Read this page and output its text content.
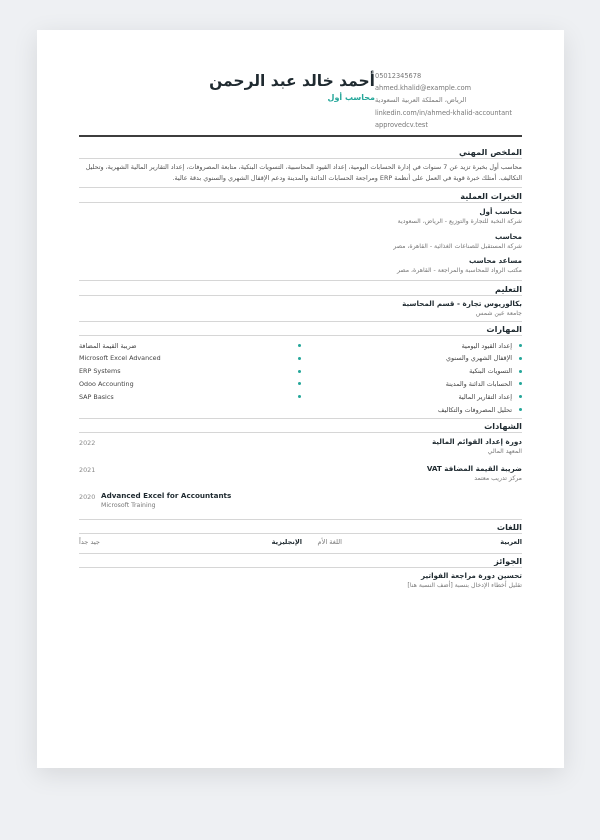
أحمد خالد عبد الرحمن
محاسب أول
05012345678
ahmed.khalid@example.com
الرياض، المملكة العربية السعودية
linkedin.com/in/ahmed-khalid-accountant
approvedcv.test
الملخص المهني
محاسب أول بخبرة تزيد عن 7 سنوات في إدارة الحسابات اليومية، إعداد القيود المحاسبية، التسويات البنكية، متابعة المصروفات، إعداد التقارير المالية الشهرية، وتحليل التكاليف. أمتلك خبرة قوية في العمل على أنظمة ERP ومراجعة الحسابات الدائنة والمدينة ودعم الإقفال الشهري والسنوي بدقة عالية.
الخبرات العملية
محاسب أول
شركة النخبة للتجارة والتوزيع - الرياض، السعودية
محاسب
شركة المستقبل للصناعات الغذائية - القاهرة، مصر
مساعد محاسب
مكتب الرواد للمحاسبة والمراجعة - القاهرة، مصر
التعليم
بكالوريوس تجارة - قسم المحاسبة
جامعة عين شمس
المهارات
إعداد القيود اليومية
الإقفال الشهري والسنوي
التسويات البنكية
الحسابات الدائنة والمدينة
إعداد التقارير المالية
تحليل المصروفات والتكاليف
ضريبة القيمة المضافة
Microsoft Excel Advanced
ERP Systems
Odoo Accounting
SAP Basics
الشهادات
2022	دورة إعداد القوائم المالية
المعهد المالي
2021	ضريبة القيمة المضافة VAT
مركز تدريب معتمد
2020 Advanced Excel for Accountants
Microsoft Training
اللغات
العربية
اللغة الأم
الإنجليزية
جيد جداً
الجوائز
تحسين دورة مراجعة الفواتير
تقليل أخطاء الإدخال بنسبة [أضف النسبة هنا]
